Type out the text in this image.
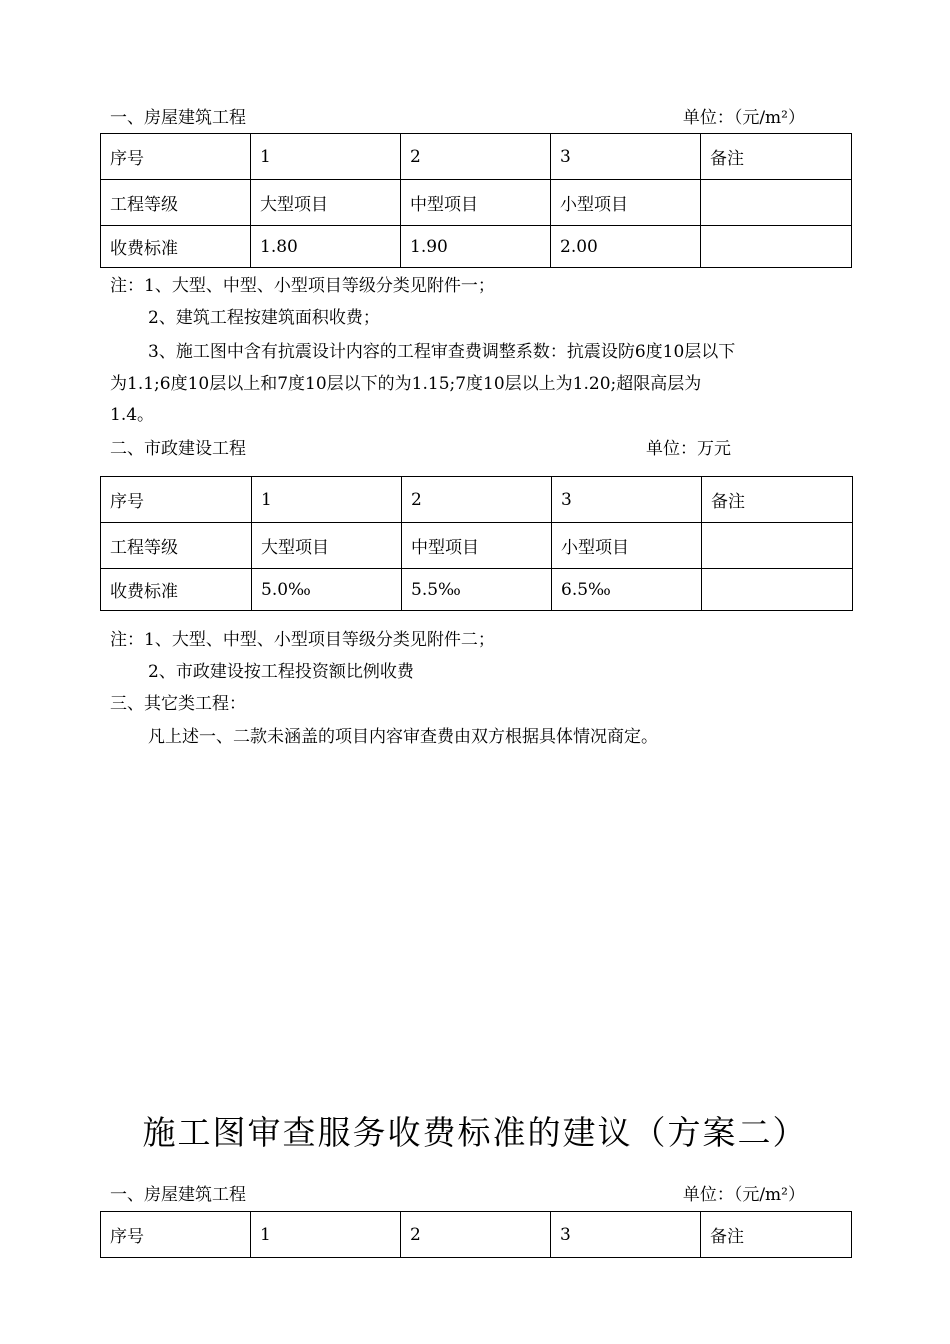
一、房屋建筑工程	单位：（元/m²）
序号	1	2	3	备注
工程等级	大型项目	中型项目	小型项目	
收费标准	1.80	1.90	2.00	
注：1、大型、中型、小型项目等级分类见附件一；
2、建筑工程按建筑面积收费；
3、施工图中含有抗震设计内容的工程审查费调整系数：抗震设防6度10层以下
为1.1;6度10层以上和7度10层以下的为1.15;7度10层以上为1.20;超限高层为
1.4。
二、市政建设工程	单位：万元
序号	1	2	3	备注
工程等级	大型项目	中型项目	小型项目	
收费标准	5.0‰	5.5‰	6.5‰	
注：1、大型、中型、小型项目等级分类见附件二；
2、市政建设按工程投资额比例收费
三、其它类工程：
凡上述一、二款未涵盖的项目内容审查费由双方根据具体情况商定。
施工图审查服务收费标准的建议（方案二）
一、房屋建筑工程	单位：（元/m²）
序号	1	2	3	备注
